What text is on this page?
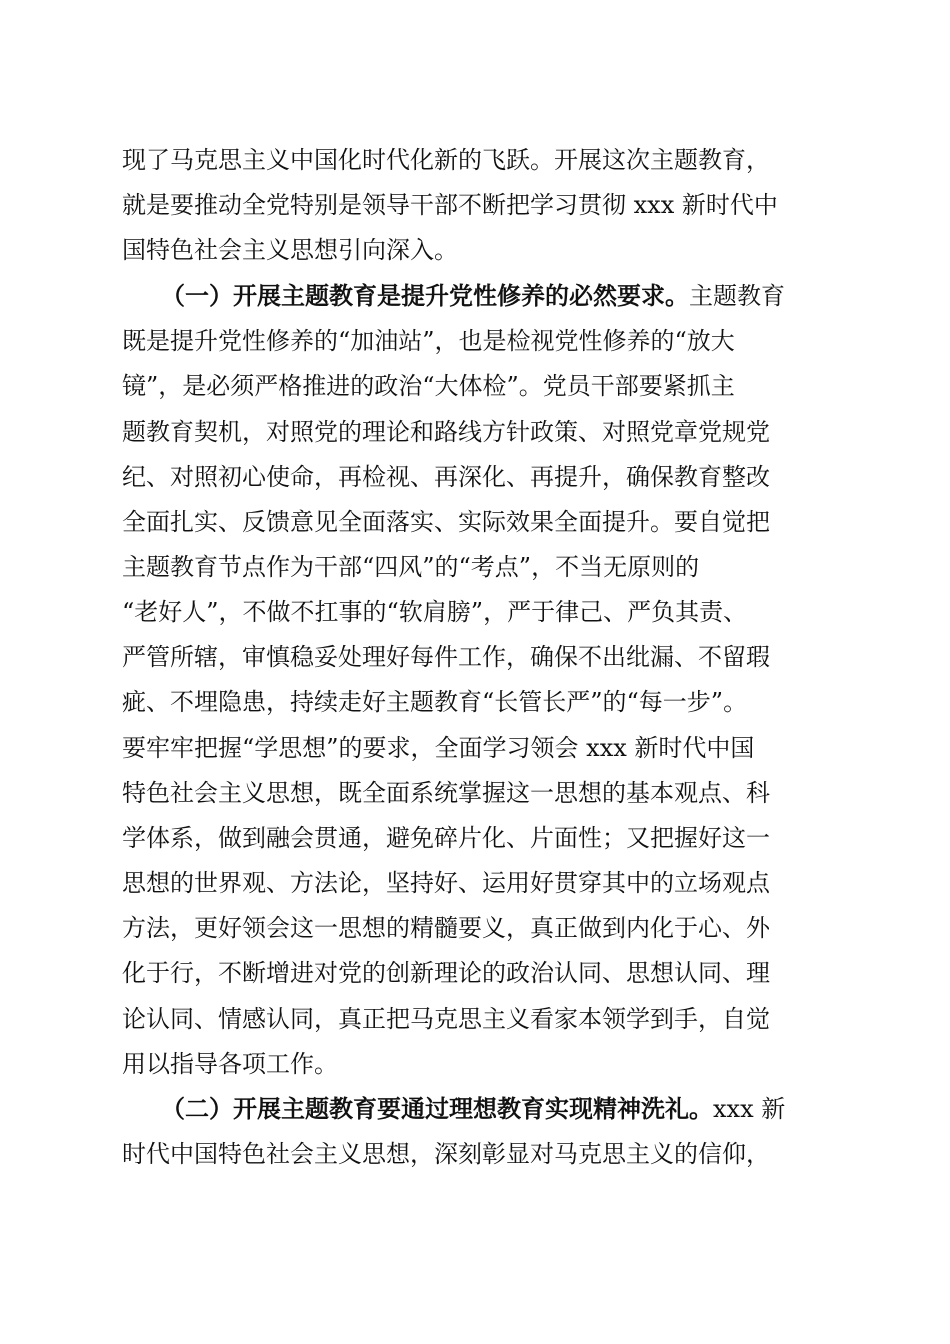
现了马克思主义中国化时代化新的飞跃。开展这次主题教育，
就是要推动全党特别是领导干部不断把学习贯彻 xxx 新时代中
国特色社会主义思想引向深入。
（一）开展主题教育是提升党性修养的必然要求。主题教育
既是提升党性修养的“加油站”，也是检视党性修养的“放大
镜”，是必须严格推进的政治“大体检”。党员干部要紧抓主
题教育契机，对照党的理论和路线方针政策、对照党章党规党
纪、对照初心使命，再检视、再深化、再提升，确保教育整改
全面扎实、反馈意见全面落实、实际效果全面提升。要自觉把
主题教育节点作为干部“四风”的“考点”，不当无原则的
“老好人”，不做不扛事的“软肩膀”，严于律己、严负其责、
严管所辖，审慎稳妥处理好每件工作，确保不出纰漏、不留瑕
疵、不埋隐患，持续走好主题教育“长管长严”的“每一步”。
要牢牢把握“学思想”的要求，全面学习领会 xxx 新时代中国
特色社会主义思想，既全面系统掌握这一思想的基本观点、科
学体系，做到融会贯通，避免碎片化、片面性；又把握好这一
思想的世界观、方法论，坚持好、运用好贯穿其中的立场观点
方法，更好领会这一思想的精髓要义，真正做到内化于心、外
化于行，不断增进对党的创新理论的政治认同、思想认同、理
论认同、情感认同，真正把马克思主义看家本领学到手，自觉
用以指导各项工作。
（二）开展主题教育要通过理想教育实现精神洗礼。xxx 新
时代中国特色社会主义思想，深刻彰显对马克思主义的信仰，
